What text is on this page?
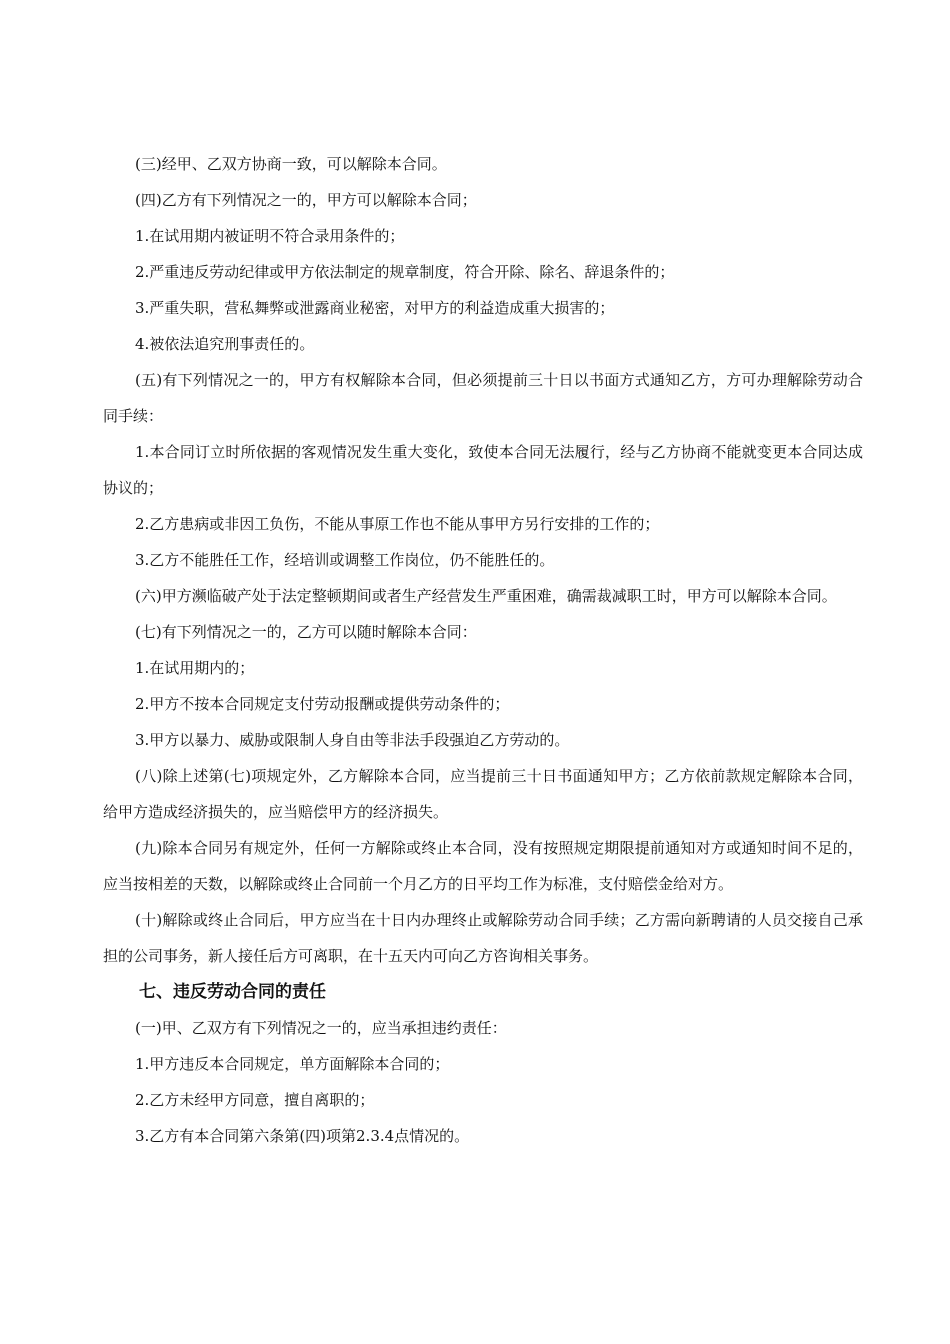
(三)经甲、乙双方协商一致，可以解除本合同。

(四)乙方有下列情况之一的，甲方可以解除本合同；

1.在试用期内被证明不符合录用条件的；

2.严重违反劳动纪律或甲方依法制定的规章制度，符合开除、除名、辞退条件的；

3.严重失职，营私舞弊或泄露商业秘密，对甲方的利益造成重大损害的；

4.被依法追究刑事责任的。

(五)有下列情况之一的，甲方有权解除本合同，但必须提前三十日以书面方式通知乙方，方可办理解除劳动合同手续：

1.本合同订立时所依据的客观情况发生重大变化，致使本合同无法履行，经与乙方协商不能就变更本合同达成协议的；

2.乙方患病或非因工负伤，不能从事原工作也不能从事甲方另行安排的工作的；

3.乙方不能胜任工作，经培训或调整工作岗位，仍不能胜任的。

(六)甲方濒临破产处于法定整顿期间或者生产经营发生严重困难，确需裁减职工时，甲方可以解除本合同。

(七)有下列情况之一的，乙方可以随时解除本合同：

1.在试用期内的；

2.甲方不按本合同规定支付劳动报酬或提供劳动条件的；

3.甲方以暴力、威胁或限制人身自由等非法手段强迫乙方劳动的。

(八)除上述第(七)项规定外，乙方解除本合同，应当提前三十日书面通知甲方；乙方依前款规定解除本合同，给甲方造成经济损失的，应当赔偿甲方的经济损失。

(九)除本合同另有规定外，任何一方解除或终止本合同，没有按照规定期限提前通知对方或通知时间不足的，应当按相差的天数，以解除或终止合同前一个月乙方的日平均工作为标准，支付赔偿金给对方。

(十)解除或终止合同后，甲方应当在十日内办理终止或解除劳动合同手续；乙方需向新聘请的人员交接自己承担的公司事务，新人接任后方可离职，在十五天内可向乙方咨询相关事务。

七、违反劳动合同的责任

(一)甲、乙双方有下列情况之一的，应当承担违约责任：

1.甲方违反本合同规定，单方面解除本合同的；

2.乙方未经甲方同意，擅自离职的；

3.乙方有本合同第六条第(四)项第2.3.4点情况的。
